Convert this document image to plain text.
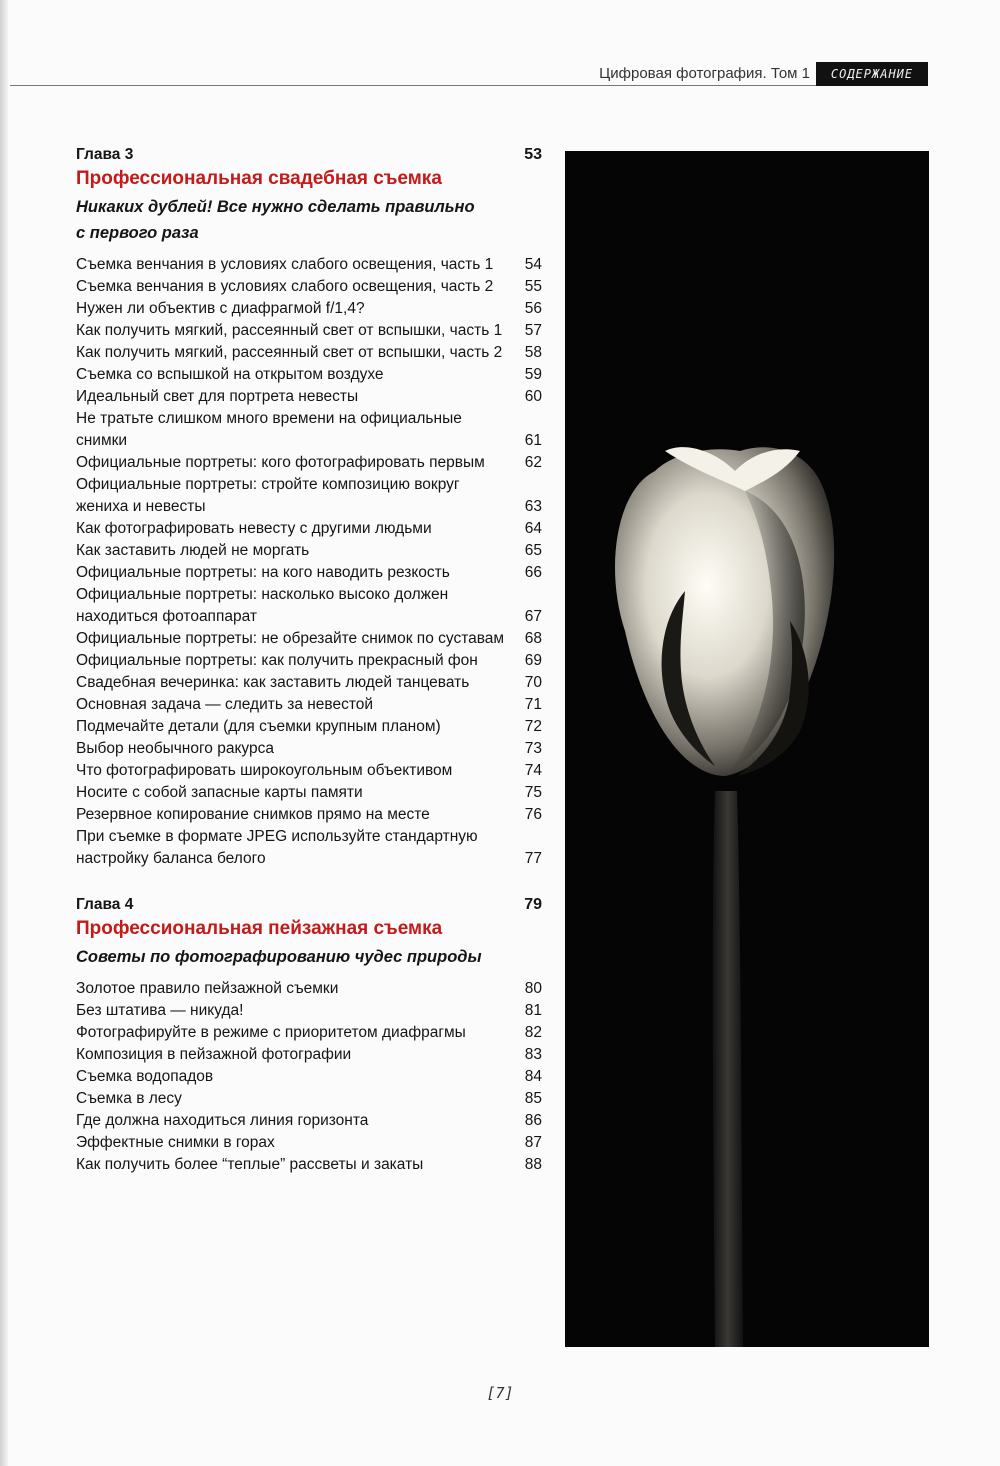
Цифровая фотография. Том 1	СОДЕРЖАНИЕ
Глава 3	53
Профессиональная свадебная съемка
Никаких дублей! Все нужно сделать правильно
с первого раза
Съемка венчания в условиях слабого освещения, часть 1	54
Съемка венчания в условиях слабого освещения, часть 2	55
Нужен ли объектив с диафрагмой f/1,4?	56
Как получить мягкий, рассеянный свет от вспышки, часть 1	57
Как получить мягкий, рассеянный свет от вспышки, часть 2	58
Съемка со вспышкой на открытом воздухе	59
Идеальный свет для портрета невесты	60
Не тратьте слишком много времени на официальные снимки	61
Официальные портреты: кого фотографировать первым	62
Официальные портреты: стройте композицию вокруг жениха и невесты	63
Как фотографировать невесту с другими людьми	64
Как заставить людей не моргать	65
Официальные портреты: на кого наводить резкость	66
Официальные портреты: насколько высоко должен находиться фотоаппарат	67
Официальные портреты: не обрезайте снимок по суставам	68
Официальные портреты: как получить прекрасный фон	69
Свадебная вечеринка: как заставить людей танцевать	70
Основная задача — следить за невестой	71
Подмечайте детали (для съемки крупным планом)	72
Выбор необычного ракурса	73
Что фотографировать широкоугольным объективом	74
Носите с собой запасные карты памяти	75
Резервное копирование снимков прямо на месте	76
При съемке в формате JPEG используйте стандартную настройку баланса белого	77
Глава 4	79
Профессиональная пейзажная съемка
Советы по фотографированию чудес природы
Золотое правило пейзажной съемки	80
Без штатива — никуда!	81
Фотографируйте в режиме с приоритетом диафрагмы	82
Композиция в пейзажной фотографии	83
Съемка водопадов	84
Съемка в лесу	85
Где должна находиться линия горизонта	86
Эффектные снимки в горах	87
Как получить более “теплые” рассветы и закаты	88
[7]
